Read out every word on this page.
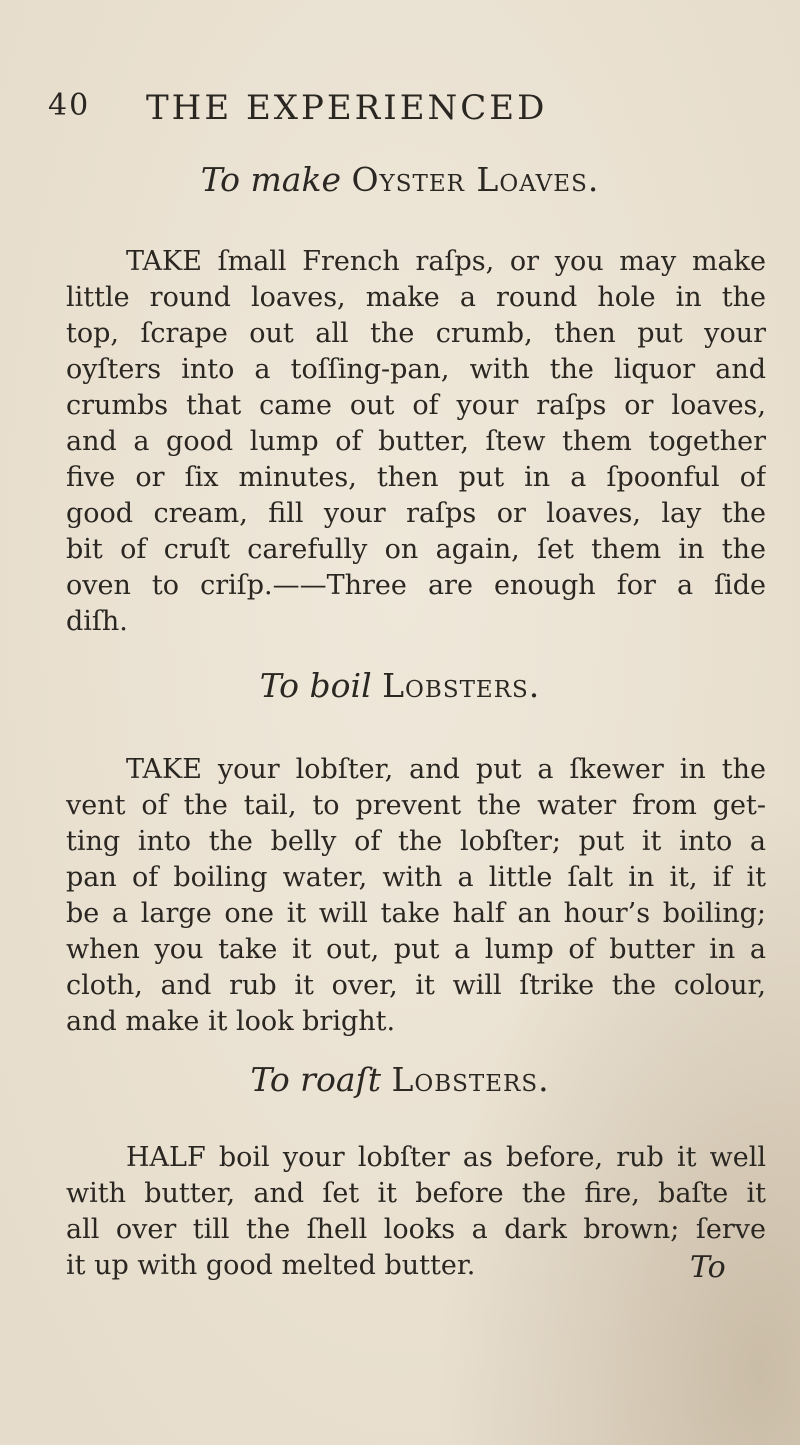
40 THE EXPERIENCED
To make Oyster Loaves.
TAKE ſmall French raſps, or you may make
little round loaves, make a round hole in the
top, ſcrape out all the crumb, then put your
oyſters into a toſſing-pan, with the liquor and
crumbs that came out of your raſps or loaves,
and a good lump of butter, ſtew them together
five or ſix minutes, then put in a ſpoonful of
good cream, fill your raſps or loaves, lay the
bit of cruſt carefully on again, ſet them in the
oven to criſp.——Three are enough for a ſide
diſh.
To boil Lobsters.
TAKE your lobſter, and put a ſkewer in the
vent of the tail, to prevent the water from get-
ting into the belly of the lobſter; put it into a
pan of boiling water, with a little ſalt in it, if it
be a large one it will take half an hour’s boiling;
when you take it out, put a lump of butter in a
cloth, and rub it over, it will ſtrike the colour,
and make it look bright.
To roaſt Lobsters.
HALF boil your lobſter as before, rub it well
with butter, and ſet it before the fire, baſte it
all over till the ſhell looks a dark brown; ſerve
it up with good melted butter.	To
